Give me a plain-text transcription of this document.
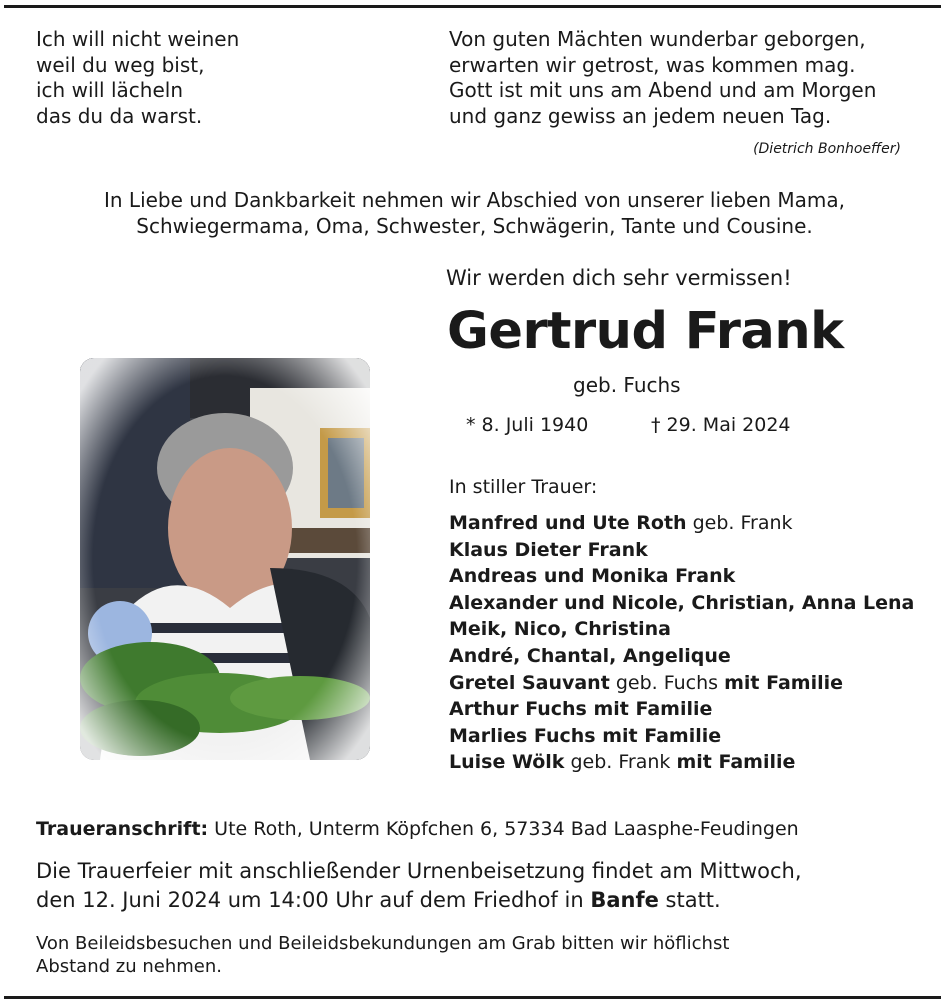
Ich will nicht weinen
weil du weg bist,
ich will lächeln
das du da warst.
Von guten Mächten wunderbar geborgen,
erwarten wir getrost, was kommen mag.
Gott ist mit uns am Abend und am Morgen
und ganz gewiss an jedem neuen Tag.
(Dietrich Bonhoeffer)
In Liebe und Dankbarkeit nehmen wir Abschied von unserer lieben Mama,
Schwiegermama, Oma, Schwester, Schwägerin, Tante und Cousine.
Wir werden dich sehr vermissen!
Gertrud Frank
geb. Fuchs
* 8. Juli 1940	† 29. Mai 2024
In stiller Trauer:
Manfred und Ute Roth geb. Frank
Klaus Dieter Frank
Andreas und Monika Frank
Alexander und Nicole, Christian, Anna Lena
Meik, Nico, Christina
André, Chantal, Angelique
Gretel Sauvant geb. Fuchs mit Familie
Arthur Fuchs mit Familie
Marlies Fuchs mit Familie
Luise Wölk geb. Frank mit Familie
Traueranschrift: Ute Roth, Unterm Köpfchen 6, 57334 Bad Laasphe-Feudingen
Die Trauerfeier mit anschließender Urnenbeisetzung findet am Mittwoch,
den 12. Juni 2024 um 14:00 Uhr auf dem Friedhof in Banfe statt.
Von Beileidsbesuchen und Beileidsbekundungen am Grab bitten wir höflichst
Abstand zu nehmen.
